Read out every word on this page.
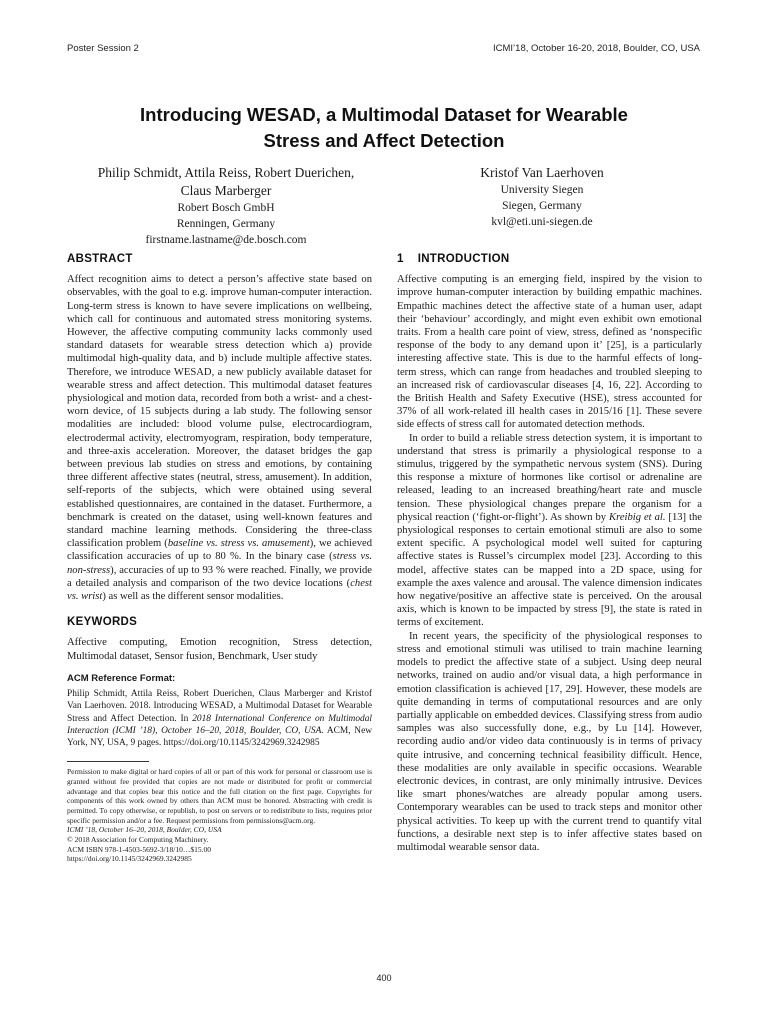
Poster Session 2	ICMI’18, October 16-20, 2018, Boulder, CO, USA
Introducing WESAD, a Multimodal Dataset for Wearable
Stress and Affect Detection
Philip Schmidt, Attila Reiss, Robert Duerichen,
Claus Marberger
Robert Bosch GmbH
Renningen, Germany
firstname.lastname@de.bosch.com
Kristof Van Laerhoven
University Siegen
Siegen, Germany
kvl@eti.uni-siegen.de
ABSTRACT

Affect recognition aims to detect a person’s affective state based on observables, with the goal to e.g. improve human-computer interaction. Long-term stress is known to have severe implications on wellbeing, which call for continuous and automated stress monitoring systems. However, the affective computing community lacks commonly used standard datasets for wearable stress detection which a) provide multimodal high-quality data, and b) include multiple affective states. Therefore, we introduce WESAD, a new publicly available dataset for wearable stress and affect detection. This multimodal dataset features physiological and motion data, recorded from both a wrist- and a chest-worn device, of 15 subjects during a lab study. The following sensor modalities are included: blood volume pulse, electrocardiogram, electrodermal activity, electromyogram, respiration, body temperature, and three-axis acceleration. Moreover, the dataset bridges the gap between previous lab studies on stress and emotions, by containing three different affective states (neutral, stress, amusement). In addition, self-reports of the subjects, which were obtained using several established questionnaires, are contained in the dataset. Furthermore, a benchmark is created on the dataset, using well-known features and standard machine learning methods. Considering the three-class classification problem (baseline vs. stress vs. amusement), we achieved classification accuracies of up to 80 %. In the binary case (stress vs. non-stress), accuracies of up to 93 % were reached. Finally, we provide a detailed analysis and comparison of the two device locations (chest vs. wrist) as well as the different sensor modalities.

KEYWORDS

Affective computing, Emotion recognition, Stress detection, Multimodal dataset, Sensor fusion, Benchmark, User study

ACM Reference Format:

Philip Schmidt, Attila Reiss, Robert Duerichen, Claus Marberger and Kristof Van Laerhoven. 2018. Introducing WESAD, a Multimodal Dataset for Wearable Stress and Affect Detection. In 2018 International Conference on Multimodal Interaction (ICMI ’18), October 16–20, 2018, Boulder, CO, USA. ACM, New York, NY, USA, 9 pages. https://doi.org/10.1145/3242969.3242985

Permission to make digital or hard copies of all or part of this work for personal or classroom use is granted without fee provided that copies are not made or distributed for profit or commercial advantage and that copies bear this notice and the full citation on the first page. Copyrights for components of this work owned by others than ACM must be honored. Abstracting with credit is permitted. To copy otherwise, or republish, to post on servers or to redistribute to lists, requires prior specific permission and/or a fee. Request permissions from permissions@acm.org.

ICMI ’18, October 16–20, 2018, Boulder, CO, USA
© 2018 Association for Computing Machinery.
ACM ISBN 978-1-4503-5692-3/18/10…$15.00
https://doi.org/10.1145/3242969.3242985
1 INTRODUCTION

Affective computing is an emerging field, inspired by the vision to improve human-computer interaction by building empathic machines. Empathic machines detect the affective state of a human user, adapt their ‘behaviour’ accordingly, and might even exhibit own emotional traits. From a health care point of view, stress, defined as ‘nonspecific response of the body to any demand upon it’ [25], is a particularly interesting affective state. This is due to the harmful effects of long-term stress, which can range from headaches and troubled sleeping to an increased risk of cardiovascular diseases [4, 16, 22]. According to the British Health and Safety Executive (HSE), stress accounted for 37% of all work-related ill health cases in 2015/16 [1]. These severe side effects of stress call for automated detection methods.

In order to build a reliable stress detection system, it is important to understand that stress is primarily a physiological response to a stimulus, triggered by the sympathetic nervous system (SNS). During this response a mixture of hormones like cortisol or adrenaline are released, leading to an increased breathing/heart rate and muscle tension. These physiological changes prepare the organism for a physical reaction (‘fight-or-flight’). As shown by Kreibig et al. [13] the physiological responses to certain emotional stimuli are also to some extent specific. A psychological model well suited for capturing affective states is Russel’s circumplex model [23]. According to this model, affective states can be mapped into a 2D space, using for example the axes valence and arousal. The valence dimension indicates how negative/positive an affective state is perceived. On the arousal axis, which is known to be impacted by stress [9], the state is rated in terms of excitement.

In recent years, the specificity of the physiological responses to stress and emotional stimuli was utilised to train machine learning models to predict the affective state of a subject. Using deep neural networks, trained on audio and/or visual data, a high performance in emotion classification is achieved [17, 29]. However, these models are quite demanding in terms of computational resources and are only partially applicable on embedded devices. Classifying stress from audio samples was also successfully done, e.g., by Lu [14]. However, recording audio and/or video data continuously is in terms of privacy quite intrusive, and concerning technical feasibility difficult. Hence, these modalities are only available in specific occasions. Wearable electronic devices, in contrast, are only minimally intrusive. Devices like smart phones/watches are already popular among users. Contemporary wearables can be used to track steps and monitor other physical activities. To keep up with the current trend to quantify vital functions, a desirable next step is to infer affective states based on multimodal wearable sensor data.

400
